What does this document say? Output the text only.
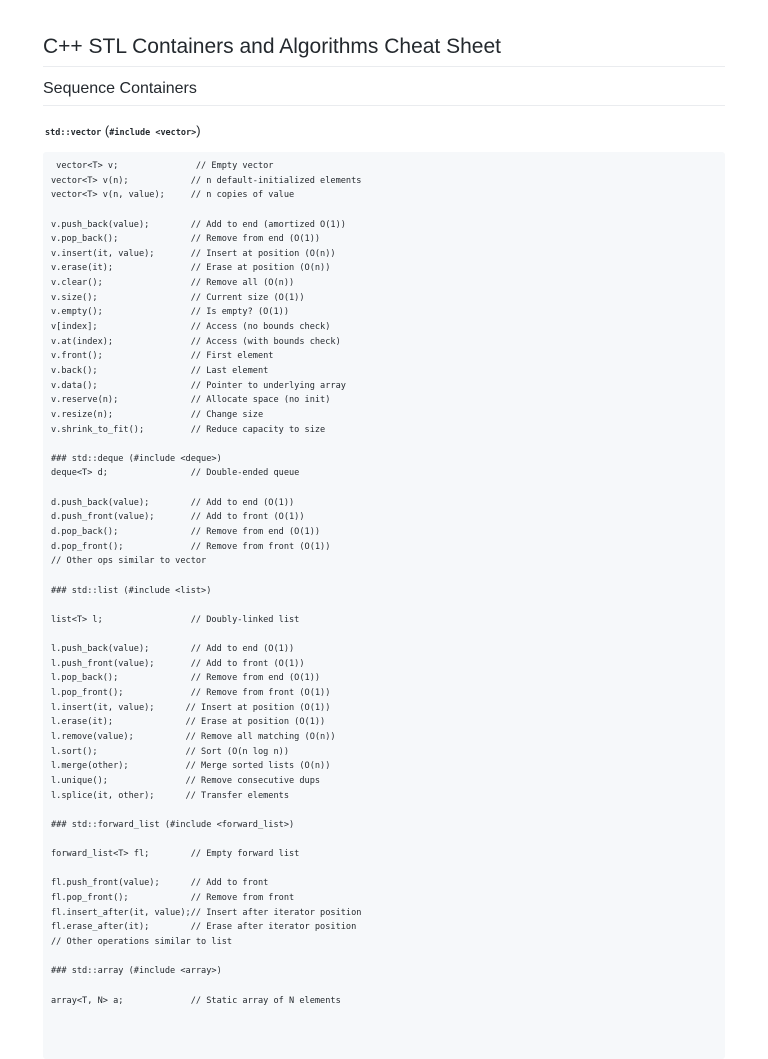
C++ STL Containers and Algorithms Cheat Sheet
Sequence Containers
std::vector (#include <vector>)
vector<T> v;               // Empty vector
vector<T> v(n);            // n default-initialized elements
vector<T> v(n, value);     // n copies of value

v.push_back(value);        // Add to end (amortized O(1))
v.pop_back();              // Remove from end (O(1))
v.insert(it, value);       // Insert at position (O(n))
v.erase(it);               // Erase at position (O(n))
v.clear();                 // Remove all (O(n))
v.size();                  // Current size (O(1))
v.empty();                 // Is empty? (O(1))
v[index];                  // Access (no bounds check)
v.at(index);               // Access (with bounds check)
v.front();                 // First element
v.back();                  // Last element
v.data();                  // Pointer to underlying array
v.reserve(n);              // Allocate space (no init)
v.resize(n);               // Change size
v.shrink_to_fit();         // Reduce capacity to size

### std::deque (#include <deque>)
deque<T> d;                // Double-ended queue

d.push_back(value);        // Add to end (O(1))
d.push_front(value);       // Add to front (O(1))
d.pop_back();              // Remove from end (O(1))
d.pop_front();             // Remove from front (O(1))
// Other ops similar to vector

### std::list (#include <list>)

list<T> l;                 // Doubly-linked list

l.push_back(value);        // Add to end (O(1))
l.push_front(value);       // Add to front (O(1))
l.pop_back();              // Remove from end (O(1))
l.pop_front();             // Remove from front (O(1))
l.insert(it, value);      // Insert at position (O(1))
l.erase(it);              // Erase at position (O(1))
l.remove(value);          // Remove all matching (O(n))
l.sort();                 // Sort (O(n log n))
l.merge(other);           // Merge sorted lists (O(n))
l.unique();               // Remove consecutive dups
l.splice(it, other);      // Transfer elements

### std::forward_list (#include <forward_list>)

forward_list<T> fl;        // Empty forward list

fl.push_front(value);      // Add to front
fl.pop_front();            // Remove from front
fl.insert_after(it, value);// Insert after iterator position
fl.erase_after(it);        // Erase after iterator position
// Other operations similar to list

### std::array (#include <array>)

array<T, N> a;             // Static array of N elements
